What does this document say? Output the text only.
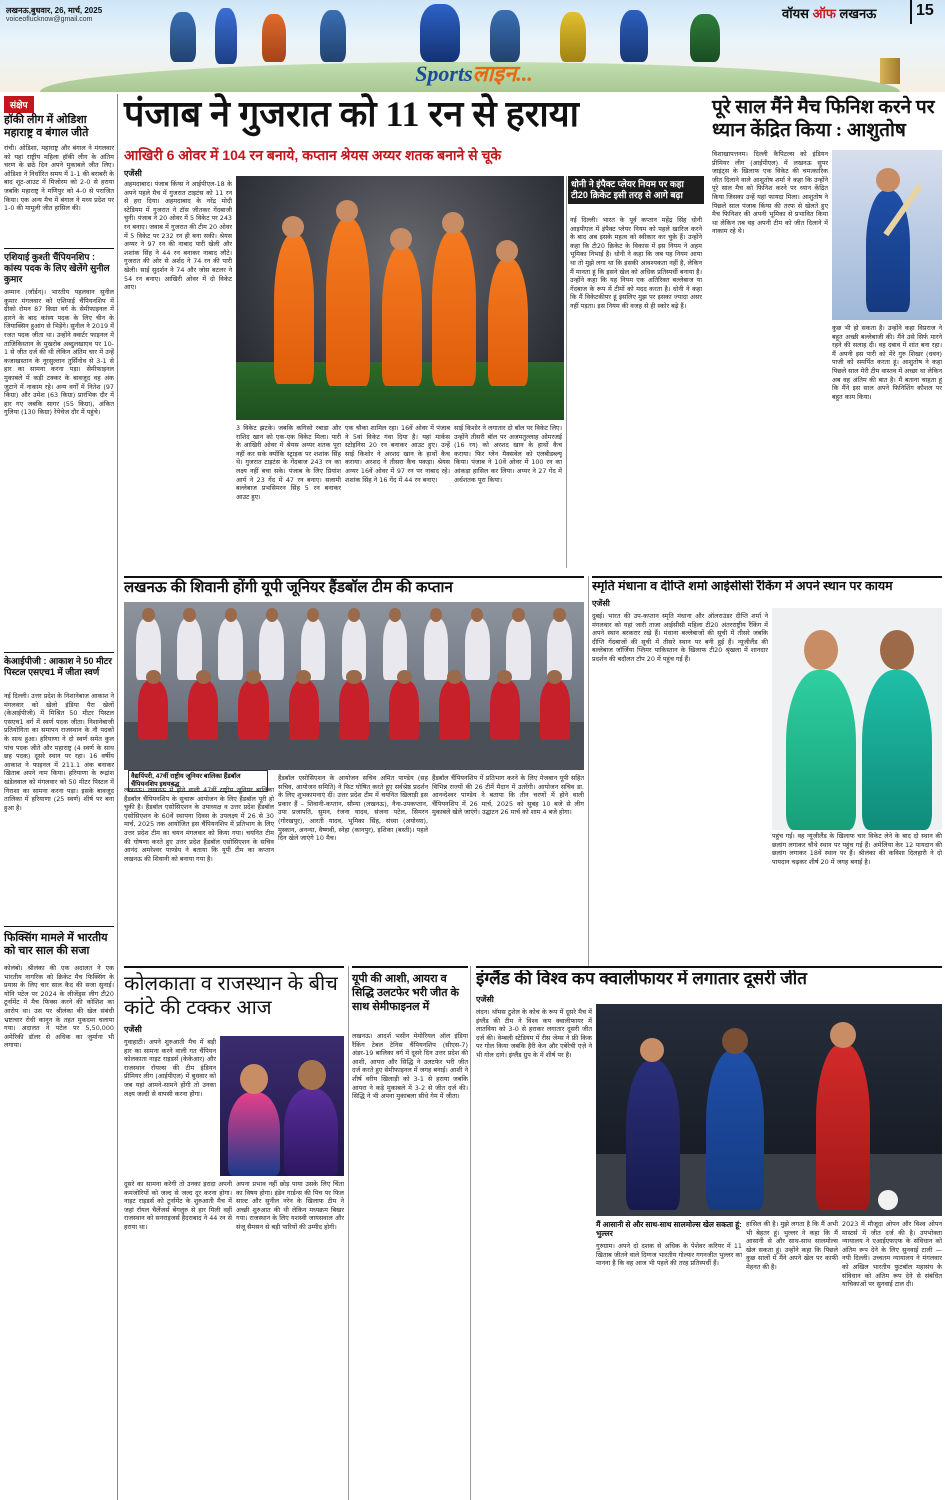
लखनऊ,बुधवार, 26, मार्च, 2025
voiceoflucknow@gmail.com	वॉयस ऑफ लखनऊ 15
Sportsलाइन...
संक्षेप
हॉकी लीग में ओडिशा महाराष्ट्र व बंगाल जीते
रांची। ओडिशा, महाराष्ट्र और बंगाल ने मंगलवार को यहां राष्ट्रीय महिला हॉकी लीग के अंतिम चरण के छठे दिन अपने मुकाबले जीत लिए। ओडिशा ने निर्धारित समय में 1-1 की बराबरी के बाद शूट-आउट में मिजोरम को 2-0 से हराया जबकि महाराष्ट्र ने मणिपुर को 4-0 से पराजित किया। एक अन्य मैच में बंगाल ने मध्य प्रदेश पर 1-0 की मामूली जीत हासिल की।
एशियाई कुश्ती चैंपियनशिप : कांस्य पदक के लिए खेलेंगे सुनील कुमार
अम्मान (जॉर्डन)। भारतीय पहलवान सुनील कुमार मंगलवार को एशियाई चैंपियनशिप में ग्रीको रोमन 87 किग्रा वर्ग के सेमीफाइनल में हारने के बाद कांस्य पदक के लिए चीन के जियाक्सिन हुआंग से भिड़ेंगे। सुनील ने 2019 में रजत पदक जीता था। उन्होंने क्वार्टर फाइनल में ताजिकिस्तान के मुखरोब अब्दुलखाएव पर 10-1 से जीत दर्ज की थी लेकिन अंतिम चार में उन्हें कजाखस्तान के नूरसुल्तान तुर्सिनोव से 3-1 से हार का सामना करना पड़ा। सेमीफाइनल मुकाबले में कड़ी टक्कर के बावजूद वह अंक जुटाने में नाकाम रहे। अन्य वर्गों में नितेश (97 किग्रा) और उमेश (63 किग्रा) प्रारंभिक दौर में हार गए जबकि सागर (55 किग्रा), अंकित गुलिया (130 किग्रा) रेपेचेज दौर में पहुंचे।
केआईपीजी : आकाश ने 50 मीटर पिस्टल एसएच1 में जीता स्वर्ण
नई दिल्ली। उत्तर प्रदेश के निशानेबाज आकाश ने मंगलवार को खेलो इंडिया पैरा खेलों (केआईपीजी) में मिश्रित 50 मीटर पिस्टल एसएच1 वर्ग में स्वर्ण पदक जीता। निशानेबाजी प्रतियोगिता का समापन राजस्थान के नौ पदकों के साथ हुआ। हरियाणा ने दो स्वर्ण समेत कुल पांच पदक जीते और महाराष्ट्र (4 स्वर्ण के साथ छह पदक) दूसरे स्थान पर रहा। 16 वर्षीय आकाश ने फाइनल में 211.1 अंक बनाकर खिताब अपने नाम किया। हरियाणा के रूद्रांश खंडेलवाल को मंगलवार को 50 मीटर पिस्टल में निराशा का सामना करना पड़ा। इसके बावजूद तालिका में हरियाणा (25 स्वर्ण) शीर्ष पर बना हुआ है।
फिक्सिंग मामले में भारतीय को चार साल की सजा
कोलंबो। श्रीलंका की एक अदालत ने एक भारतीय नागरिक को क्रिकेट मैच फिक्सिंग के प्रयास के लिए चार साल कैद की सजा सुनाई। योनि पटेल पर 2024 के लीजेंड्स लीग टी20 टूर्नामेंट में मैच फिक्स करने की कोशिश का आरोप था। उस पर श्रीलंका की खेल संबंधी भ्रष्टाचार रोधी कानून के तहत मुकदमा चलाया गया। अदालत ने पटेल पर 5,50,000 अमेरिकी डॉलर से अधिक का जुर्माना भी लगाया।
पंजाब ने गुजरात को 11 रन से हराया
आखिरी 6 ओवर में 104 रन बनाये, कप्तान श्रेयस अय्यर शतक बनाने से चूके
एजेंसी
अहमदाबाद। पंजाब किंग्स ने आईपीएल-18 के अपने पहले मैच में गुजरात टाइटंस को 11 रन से हरा दिया। अहमदाबाद के नरेंद्र मोदी स्टेडियम में गुजरात ने टॉस जीतकर गेंदबाजी चुनी। पंजाब ने 20 ओवर में 5 विकेट पर 243 रन बनाए। जवाब में गुजरात की टीम 20 ओवर में 5 विकेट पर 232 रन ही बना सकी। श्रेयस अय्यर ने 97 रन की नाबाद पारी खेली और शशांक सिंह ने 44 रन बनाकर नाबाद लौटे। गुजरात की ओर से अर्शद ने 74 रन की पारी खेली। साई सुदर्शन ने 74 और जोस बटलर ने 54 रन बनाए। आखिरी ओवर में दो विकेट आए।
3 विकेट झटके। जबकि कगिसो रबाडा और राशिद खान को एक-एक विकेट मिला। पारी के आखिरी ओवर में श्रेयस अय्यर शतक पूरा नहीं कर सके क्योंकि स्ट्राइक पर शशांक सिंह थे। गुजरात टाइटंस के गेंदबाज 243 रन का लक्ष्य नहीं बचा सके। पंजाब के लिए प्रियांश आर्य ने 23 गेंद में 47 रन बनाए। सलामी बल्लेबाज प्रभसिमरन सिंह 5 रन बनाकर आउट हुए।
एक चौका शामिल रहा। 16वें ओवर में पंजाब ने 5वां विकेट गंवा दिया है। यहां मार्कस स्टोइनिस 20 रन बनाकर आउट हुए। उन्हें साई किशोर ने अरशद खान के हाथों कैच कराया। अरशद ने तीसरा कैच पकड़ा। श्रेयस अय्यर 16वें ओवर में 97 रन पर नाबाद रहे। शशांक सिंह ने 16 गेंद में 44 रन बनाए।
साई किशोर ने लगातार दो बॉल पर विकेट लिए। उन्होंने तीसरी बॉल पर अजमतुल्लाह ओमरजई (16 रन) को अरशद खान के हाथों कैच कराया। फिर ग्लेन मैक्सवेल को एलबीडब्ल्यू किया। पंजाब ने 10वें ओवर में 100 रन का आंकड़ा हासिल कर लिया। अय्यर ने 27 गेंद में अर्धशतक पूरा किया।
धोनी ने इंपैक्ट प्लेयर नियम पर कहा टी20 क्रिकेट इसी तरह से आगे बढ़ा
नई दिल्ली। भारत के पूर्व कप्तान महेंद्र सिंह धोनी आइपीएल में इंपैक्ट प्लेयर नियम को पहले खारिज करने के बाद अब इसके महत्व को स्वीकार कर चुके हैं। उन्होंने कहा कि टी20 क्रिकेट के विकास में इस नियम ने अहम भूमिका निभाई है। धोनी ने कहा कि जब यह नियम आया था तो मुझे लगा था कि इसकी आवश्यकता नहीं है, लेकिन मैं मानता हूं कि इसने खेल को अधिक प्रतिस्पर्धी बनाया है। उन्होंने कहा कि यह नियम एक अतिरिक्त बल्लेबाज या गेंदबाज के रूप में टीमों को मदद करता है। धोनी ने कहा कि मैं विकेटकीपर हूं इसलिए मुझ पर इसका ज्यादा असर नहीं पड़ता। इस नियम की वजह से ही स्कोर बढ़े हैं।
पूरे साल मैंने मैच फिनिश करने पर ध्यान केंद्रित किया : आशुतोष
विशाखापत्तनम। दिल्ली कैपिटल्स को इंडियन प्रीमियर लीग (आईपीएल) में लखनऊ सुपर जाइंट्स के खिलाफ एक विकेट की चमत्कारिक जीत दिलाने वाले आशुतोष शर्मा ने कहा कि उन्होंने पूरे साल मैच को फिनिश करने पर ध्यान केंद्रित किया जिसका उन्हें यहां फायदा मिला। आशुतोष ने पिछले साल पंजाब किंग्स की तरफ से खेलते हुए मैच फिनिशर की अपनी भूमिका से प्रभावित किया था लेकिन तब वह अपनी टीम को जीत दिलाने में नाकाम रहे थे।
कुछ भी हो सकता है। उन्होंने कहा विप्रराज ने बहुत अच्छी बल्लेबाजी की। मैंने उसे सिर्फ मारने रहने की सलाह दी। वह दबाव में शांत बना रहा। मैं अपनी इस पारी को मेरे गुरु शिखर (धवन) पाजी को समर्पित करता हूं। आशुतोष ने कहा पिछले साल मेरी टीम वास्तव में अच्छा था लेकिन अब वह अंतिम की बात है। मैं बताना चाहता हूं कि मैंने इस साल अपने फिनिशिंग कौशल पर बहुत काम किया।
लखनऊ की शिवानी होंगी यूपी जूनियर हैंडबॉल टीम की कप्तान
वैद्यपिंपरी, 47वीं राष्ट्रीय जूनियर बालिका हैंडबॉल चैंपियनशिप इधयबद्ध
लखनऊ। लखनऊ में होने वाली 47वीं राष्ट्रीय जूनियर बालिका हैंडबॉल चैंपियनशिप के सुचारू आयोजन के लिए हैंडबॉल पूरी हो चुकी है। हैंडबॉल एसोसिएशन के उपाध्यक्ष व उत्तर प्रदेश हैंडबॉल एसोसिएशन के 60वें स्थापना दिवस के उपलक्ष्य में 26 से 30 मार्च, 2025 तक आयोजित इस चैंपियनशिप में प्रतिभाग के लिए उत्तर प्रदेश टीम का चयन मंगलवार को किया गया। चयनित टीम की घोषणा करते हुए उत्तर प्रदेश हैंडबॉल एसोसिएशन के सचिव आनंद अमरेश्वर पाण्डेय ने बताया कि यूपी टीम का कप्तान लखनऊ की शिवानी को बनाया गया है।
हैंडबॉल एसोसिएशन के आयोजन सचिव अमित पाण्डेय (सह सचिव, आयोजन समिति) ने फिट घोषित करते हुए सर्वश्रेष्ठ प्रदर्शन के लिए शुभकामनाएं दीं। उत्तर प्रदेश टीम में चयनित खिलाड़ी इस प्रकार हैं – शिवानी-कप्तान, सौम्या (लखनऊ), नैना-उपकप्तान, उपा प्रजापति, सुमन, रंजना यादव, संजना पटेल, सिमरन (गोरखपुर), आरती यादव, भूमिका सिंह, संध्या (अयोध्या), मुस्कान, अनन्या, वैष्णवी, स्नेहा (कानपुर), इशिका (बस्ती)। पहले दिन खेले जाएंगे 10 मैच।
हैंडबॉल चैंपियनशिप में प्रतिभाग करने के लिए मेजबान यूपी सहित विभिन्न राज्यों की 26 टीमें मैदान में उतरेंगी। आयोजन सचिव डा. आनन्देश्वर पाण्डेय ने बताया कि तीन चरणों में होने वाली चैंपियनशिप में 26 मार्च, 2025 को सुबह 10 बजे से लीग मुकाबले खेले जाएंगे। उद्घाटन 26 मार्च को शाम 4 बजे होगा।
स्मृति मंधाना व दीप्ति शर्मा आईसीसी रैंकिंग में अपने स्थान पर कायम
एजेंसी
दुबई। भारत की उप-कप्तान स्मृति मंधाना और ऑलराउंडर दीप्ति शर्मा ने मंगलवार को यहां जारी ताजा आईसीसी महिला टी20 अंतरराष्ट्रीय रैंकिंग में अपने स्थान बरकरार रखे हैं। मंधाना बल्लेबाजों की सूची में तीसरे जबकि दीप्ति गेंदबाजों की सूची में तीसरे स्थान पर बनी हुई हैं। न्यूजीलैंड की बल्लेबाज जॉर्जिया प्लिमर पाकिस्तान के खिलाफ टी20 श्रृंखला में शानदार प्रदर्शन की बदौलत टॉप 20 में पहुंच गई हैं।
पहुंच गई। वह न्यूजीलैंड के खिलाफ चार विकेट लेने के बाद दो स्थान की छलांग लगाकर चौथे स्थान पर पहुंच गई हैं। अमेलिया केर 12 पायदान की छलांग लगाकर 18वें स्थान पर हैं। श्रीलंका की कविशा दिलहारी ने दो पायदान चढ़कर शीर्ष 20 में जगह बनाई है।
इंग्लैंड की विश्व कप क्वालीफायर में लगातार दूसरी जीत
एजेंसी
लंदन। थॉमस टुशेल के कोच के रूप में दूसरे मैच में इंग्लैंड की टीम ने विश्व कप क्वालीफायर में लातविया को 3-0 से हराकर लगातार दूसरी जीत दर्ज की। वेम्बली स्टेडियम में रीस जेम्स ने फ्री किक पर गोल किया जबकि हैरी केन और एबेरेची एज़े ने भी गोल दागे। इंग्लैंड ग्रुप के में शीर्ष पर है।
मैं आसानी से और साथ-साथ सालमोल्स खेल सकता हूं: भुल्लर
गुरुग्राम। अपने दो दशक से अधिक के पेशेवर करियर में 11 खिताब जीतने वाले दिग्गज भारतीय गोल्फर गगनजीत भुल्लर का मानना है कि वह आज भी पहले की तरह प्रतिस्पर्धी हैं।
हासिल की है। मुझे लगता है कि मैं अभी भी बेहतर हूं। भुल्लर ने कहा कि मैं आसानी से और साथ-साथ सालमोल्स खेल सकता हूं। उन्होंने कहा कि पिछले कुछ सालों में मैंने अपने खेल पर काफी मेहनत की है।
2023 में मौजूदा ओपन और विश्व ओपन मास्टर्स में जीत दर्ज की है। उपभोक्ता न्यायालय ने एआईएफएफ के संविधान को अंतिम रूप देने के लिए सुनवाई टाली — नयी दिल्ली। उच्चतम न्यायालय ने मंगलवार को अखिल भारतीय फुटबॉल महासंघ के संविधान को अंतिम रूप देने से संबंधित याचिकाओं पर सुनवाई टाल दी।
कोलकाता व राजस्थान के बीच कांटे की टक्कर आज
एजेंसी
गुवाहाटी। अपने शुरुआती मैच में बड़ी हार का सामना करने वाली गत चैंपियन कोलकाता नाइट राइडर्स (केकेआर) और राजस्थान रॉयल्स की टीम इंडियन प्रीमियर लीग (आईपीएल) में बुधवार को जब यहां आमने-सामने होंगी तो उनका लक्ष्य जल्दी से वापसी करना होगा।
दूसरे का सामना करेगी तो उनका इरादा अपनी कमजोरियों को जल्द से जल्द दूर करना होगा। नाइट राइडर्स को टूर्नामेंट के शुरुआती मैच में जहां रॉयल चैलेंजर्स बेंगलुरु से हार मिली वहीं राजस्थान को सनराइजर्स हैदराबाद ने 44 रन से हराया था।
अपना प्रभाव नहीं छोड़ पाया उसके लिए चिंता का विषय होगा। इंडेन गार्डन्स की पिच पर फिल साल्ट और सुनील नरेन के खिलाफ टीम ने अच्छी शुरुआत की थी लेकिन मध्यक्रम बिखर गया। राजस्थान के लिए यशस्वी जायसवाल और संजू सैमसन से बड़ी पारियों की उम्मीद होगी।
यूपी की आशी, आयरा व सिद्धि उलटफेर भरी जीत के साथ सेमीफाइनल में
लखनऊ। आदर्श भसीन मेमोरियल ऑल इंडिया रैंकिंग टेबल टेनिस चैंपियनशिप (सीएस-7) अंडर-19 बालिका वर्ग में दूसरे दिन उत्तर प्रदेश की आशी, आयरा और सिद्धि ने उलटफेर भरी जीत दर्ज करते हुए सेमीफाइनल में जगह बनाई। आशी ने शीर्ष वरीय खिलाड़ी को 3-1 से हराया जबकि आयरा ने कड़े मुकाबले में 3-2 से जीत दर्ज की। सिद्धि ने भी अपना मुकाबला सीधे गेम में जीता।
